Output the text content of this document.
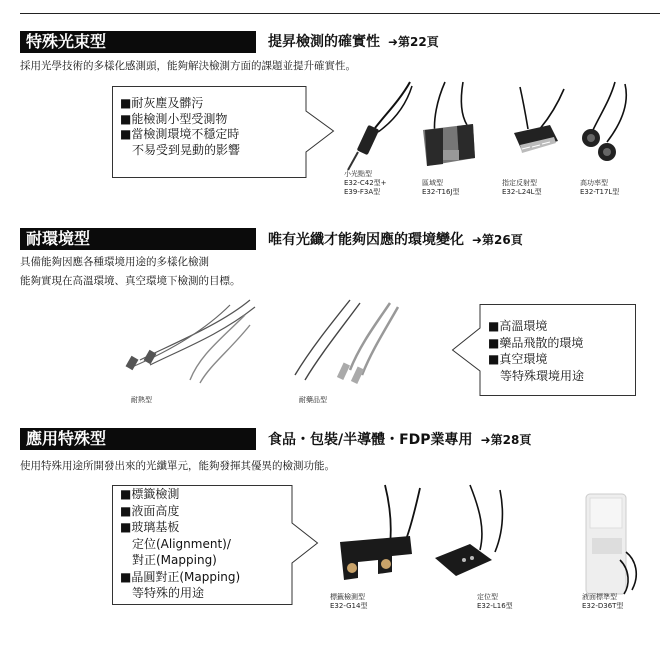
特殊光束型	提昇檢測的確實性 ➜第22頁
採用光學技術的多樣化感測頭，能夠解決檢測方面的課題並提升確實性。
■耐灰塵及髒污
■能檢測小型受測物
■當檢測環境不穩定時
　不易受到晃動的影響
小光點型
E32-C42型+
E39-F3A型
區域型
E32-T16J型
指定反射型
E32-L24L型
高功率型
E32-T17L型
耐環境型	唯有光纖才能夠因應的環境變化 ➜第26頁
具備能夠因應各種環境用途的多樣化檢測
能夠實現在高溫環境、真空環境下檢測的目標。
耐熱型	耐藥品型
■高溫環境
■藥品飛散的環境
■真空環境
　等特殊環境用途
應用特殊型	食品・包裝/半導體・FDP業專用 ➜第28頁
使用特殊用途所開發出來的光纖單元，能夠發揮其優異的檢測功能。
■標籤檢測
■液面高度
■玻璃基板
　定位(Alignment)/
　對正(Mapping)
■晶圓對正(Mapping)
　等特殊的用途	標籤檢測型
E32-G14型
定位型
E32-L16型
液面標準型
E32-D36T型
